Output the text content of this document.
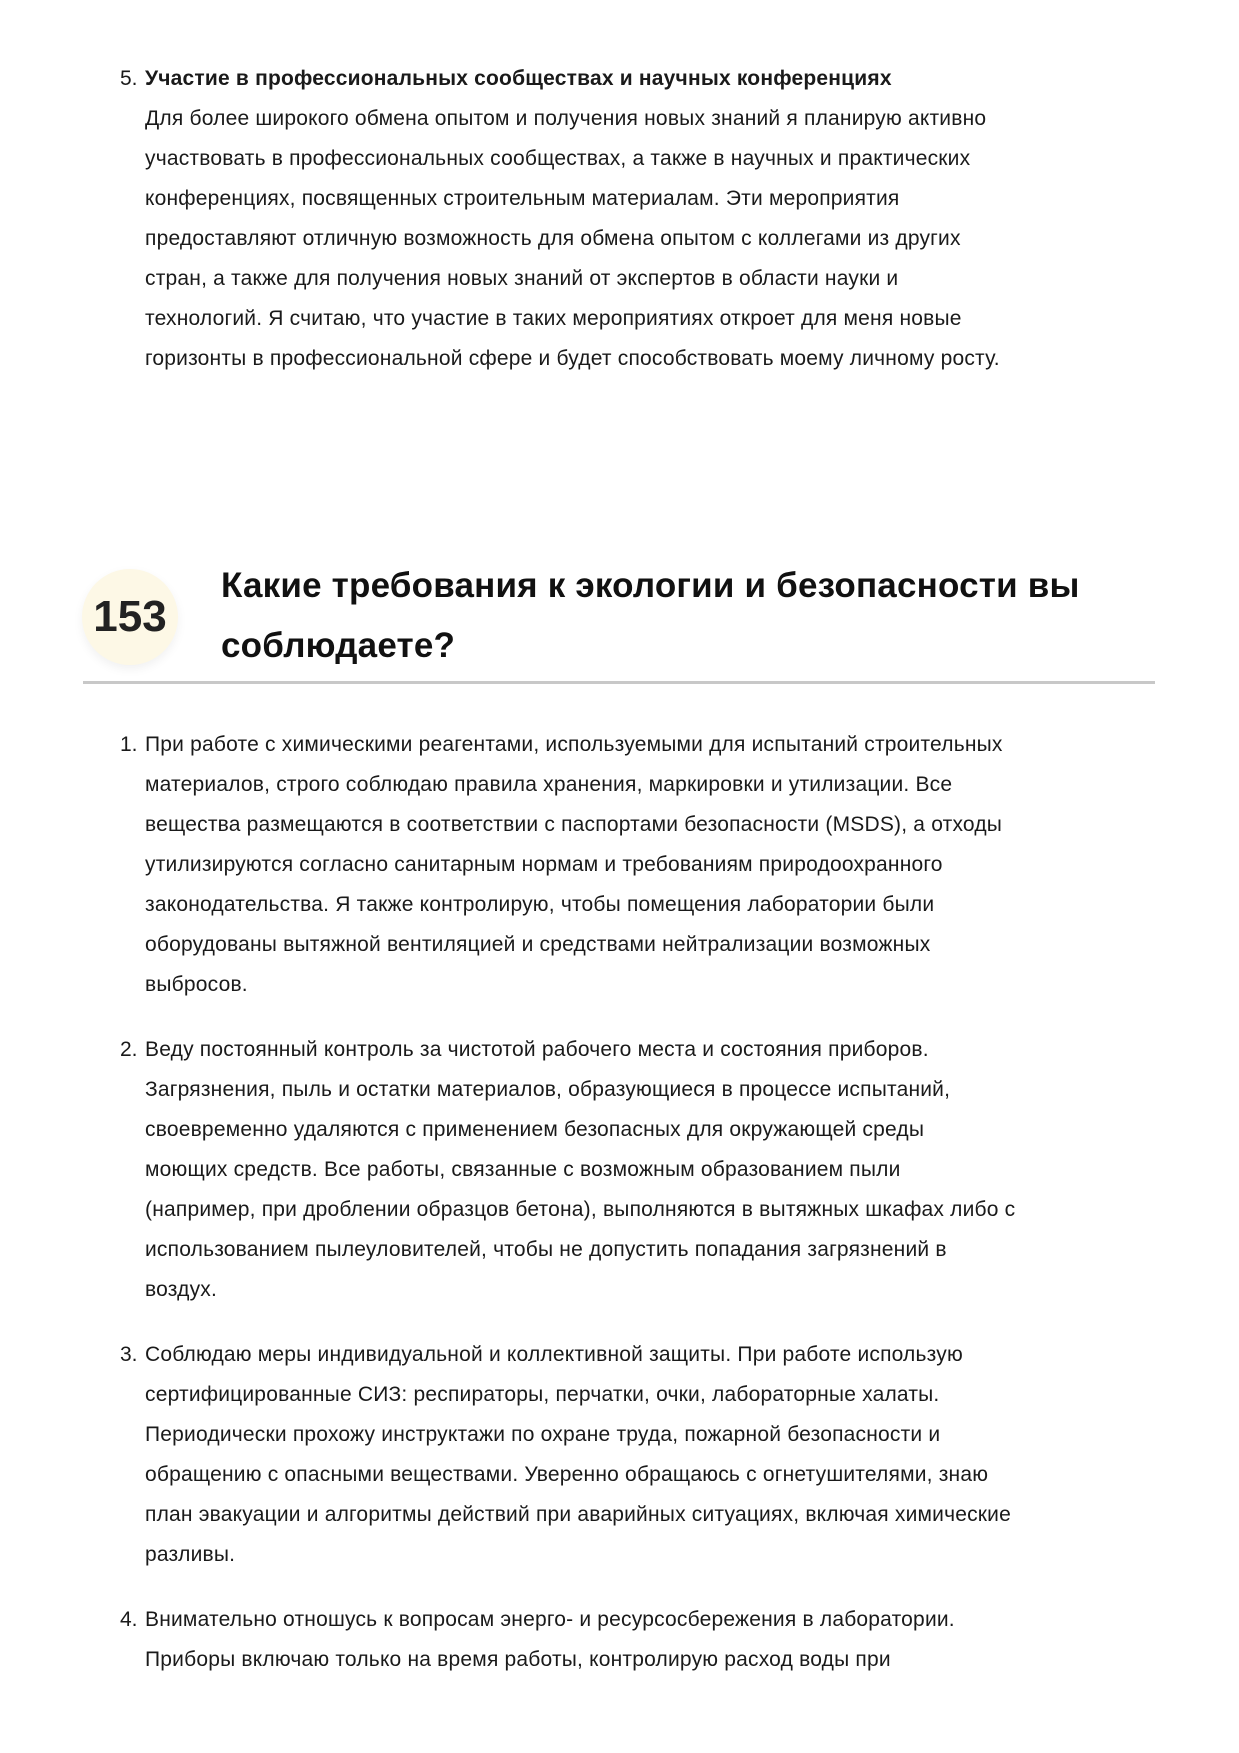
5. Участие в профессиональных сообществах и научных конференциях
Для более широкого обмена опытом и получения новых знаний я планирую активно
участвовать в профессиональных сообществах, а также в научных и практических
конференциях, посвященных строительным материалам. Эти мероприятия
предоставляют отличную возможность для обмена опытом с коллегами из других
стран, а также для получения новых знаний от экспертов в области науки и
технологий. Я считаю, что участие в таких мероприятиях откроет для меня новые
горизонты в профессиональной сфере и будет способствовать моему личному росту.
153
Какие требования к экологии и безопасности вы
соблюдаете?
1. При работе с химическими реагентами, используемыми для испытаний строительных
материалов, строго соблюдаю правила хранения, маркировки и утилизации. Все
вещества размещаются в соответствии с паспортами безопасности (MSDS), а отходы
утилизируются согласно санитарным нормам и требованиям природоохранного
законодательства. Я также контролирую, чтобы помещения лаборатории были
оборудованы вытяжной вентиляцией и средствами нейтрализации возможных
выбросов.
2. Веду постоянный контроль за чистотой рабочего места и состояния приборов.
Загрязнения, пыль и остатки материалов, образующиеся в процессе испытаний,
своевременно удаляются с применением безопасных для окружающей среды
моющих средств. Все работы, связанные с возможным образованием пыли
(например, при дроблении образцов бетона), выполняются в вытяжных шкафах либо с
использованием пылеуловителей, чтобы не допустить попадания загрязнений в
воздух.
3. Соблюдаю меры индивидуальной и коллективной защиты. При работе использую
сертифицированные СИЗ: респираторы, перчатки, очки, лабораторные халаты.
Периодически прохожу инструктажи по охране труда, пожарной безопасности и
обращению с опасными веществами. Уверенно обращаюсь с огнетушителями, знаю
план эвакуации и алгоритмы действий при аварийных ситуациях, включая химические
разливы.
4. Внимательно отношусь к вопросам энерго- и ресурсосбережения в лаборатории.
Приборы включаю только на время работы, контролирую расход воды при
